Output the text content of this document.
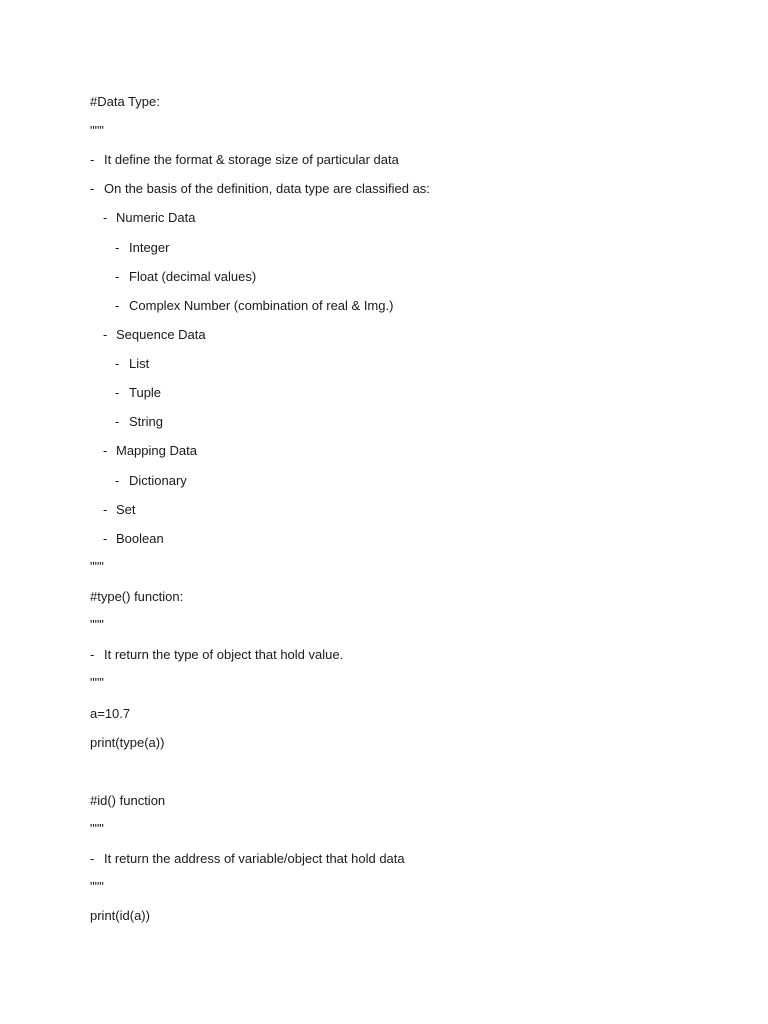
#Data Type:
"""

-

It define the format & storage size of particular data

-

On the basis of the definition, data type are classified as:

-

Numeric Data

-

Integer

-

Float (decimal values)

-

Complex Number (combination of real & Img.)

-

Sequence Data

-

List

-

Tuple

-

String

-

Mapping Data

-

Dictionary

-

Set

-

Boolean

"""
#type() function:
"""

-

It return the type of object that hold value.

"""
a=10.7
print(type(a))
#id() function
"""

-

It return the address of variable/object that hold data

"""
print(id(a))
